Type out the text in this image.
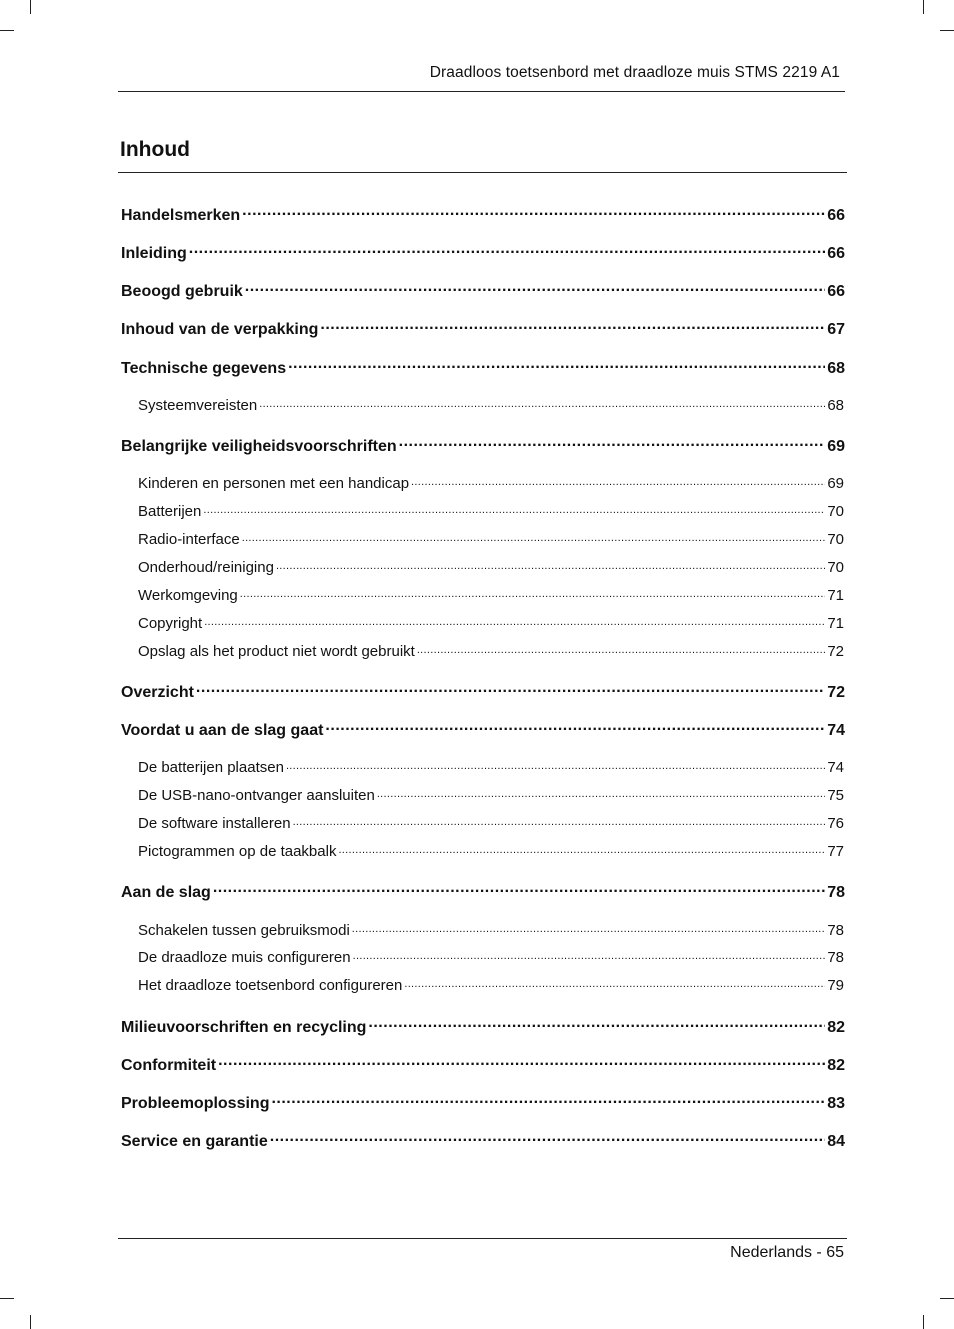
Draadloos toetsenbord met draadloze muis STMS 2219 A1
Inhoud
Handelsmerken .....	66
Inleiding .....	66
Beoogd gebruik .....	66
Inhoud van de verpakking .....	67
Technische gegevens .....	68
Systeemvereisten .....	68
Belangrijke veiligheidsvoorschriften .....	69
Kinderen en personen met een handicap .....	69
Batterijen .....	70
Radio-interface .....	70
Onderhoud/reiniging .....	70
Werkomgeving .....	71
Copyright .....	71
Opslag als het product niet wordt gebruikt .....	72
Overzicht .....	72
Voordat u aan de slag gaat .....	74
De batterijen plaatsen .....	74
De USB-nano-ontvanger aansluiten .....	75
De software installeren .....	76
Pictogrammen op de taakbalk .....	77
Aan de slag .....	78
Schakelen tussen gebruiksmodi .....	78
De draadloze muis configureren .....	78
Het draadloze toetsenbord configureren .....	79
Milieuvoorschriften en recycling .....	82
Conformiteit .....	82
Probleemoplossing .....	83
Service en garantie .....	84
Nederlands - 65
